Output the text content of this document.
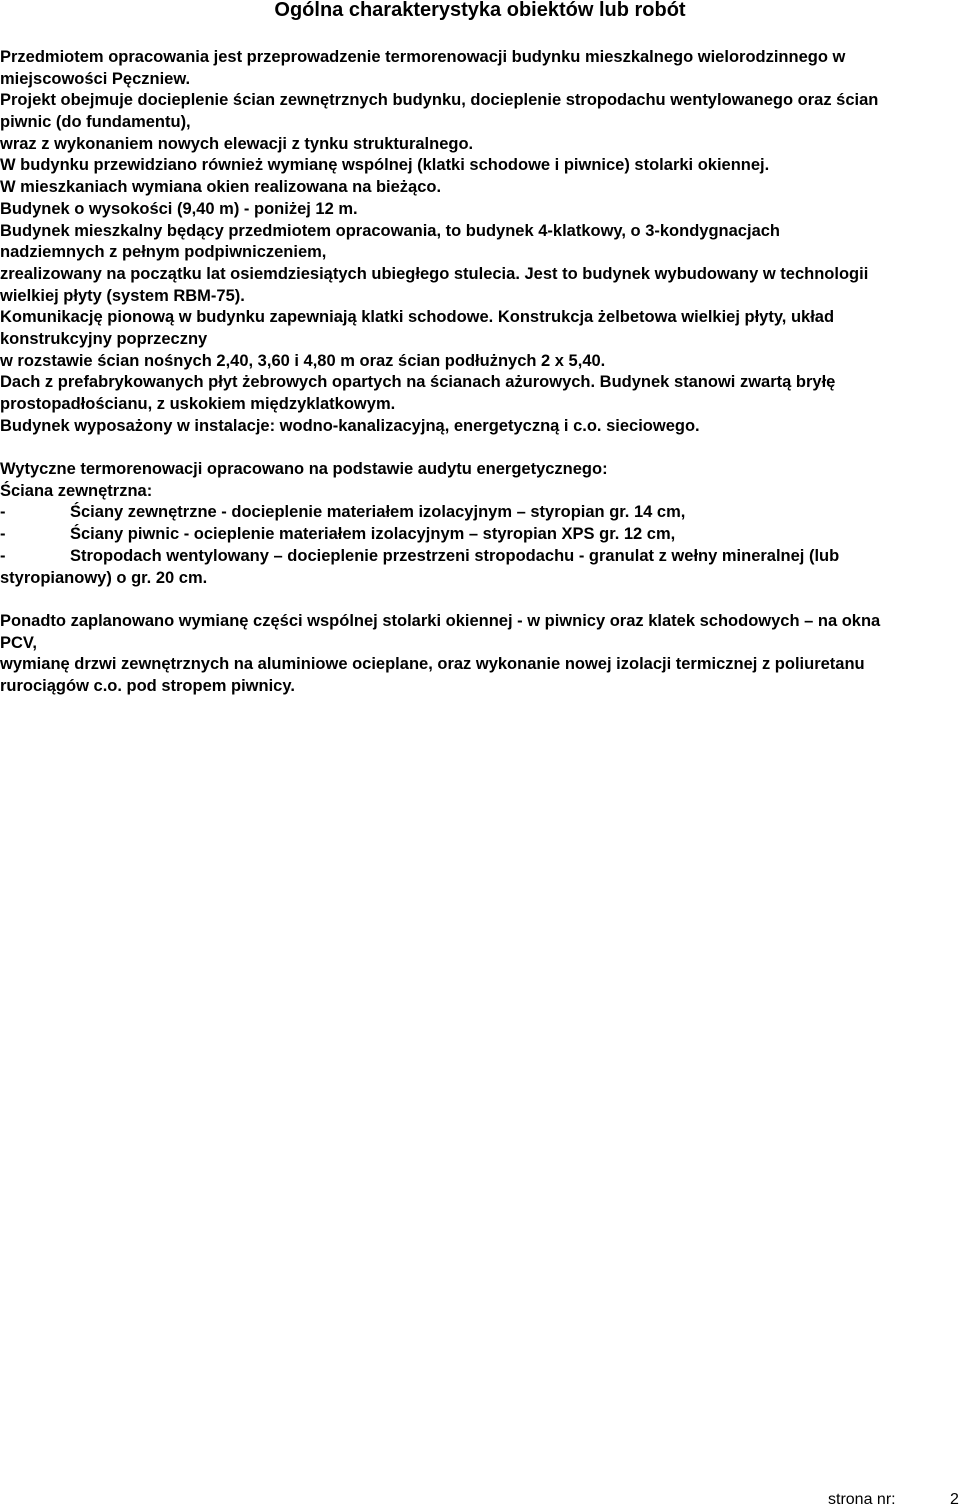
Ogólna charakterystyka obiektów lub robót
Przedmiotem opracowania jest przeprowadzenie termorenowacji budynku mieszkalnego wielorodzinnego w
miejscowości Pęczniew.
Projekt obejmuje docieplenie ścian zewnętrznych budynku, docieplenie stropodachu wentylowanego oraz ścian
piwnic (do fundamentu),
wraz z wykonaniem nowych elewacji z tynku strukturalnego.
W budynku przewidziano również wymianę wspólnej (klatki schodowe i piwnice) stolarki okiennej.
W mieszkaniach wymiana okien realizowana na bieżąco.
Budynek o wysokości (9,40 m) - poniżej 12 m.
Budynek mieszkalny będący przedmiotem opracowania, to budynek 4-klatkowy, o 3-kondygnacjach
nadziemnych z pełnym podpiwniczeniem,
zrealizowany na początku lat osiemdziesiątych ubiegłego stulecia. Jest to budynek wybudowany w technologii
wielkiej płyty (system RBM-75).
Komunikację pionową w budynku zapewniają klatki schodowe. Konstrukcja żelbetowa wielkiej płyty, układ
konstrukcyjny poprzeczny
w rozstawie ścian nośnych 2,40, 3,60 i 4,80 m oraz ścian podłużnych 2 x 5,40.
Dach z prefabrykowanych płyt żebrowych opartych na ścianach ażurowych. Budynek stanowi zwartą bryłę
prostopadłościanu, z uskokiem międzyklatkowym.
Budynek wyposażony w instalacje: wodno-kanalizacyjną, energetyczną i c.o. sieciowego.
Wytyczne termorenowacji opracowano na podstawie audytu energetycznego:
Ściana zewnętrzna:
-	Ściany zewnętrzne - docieplenie materiałem izolacyjnym – styropian gr. 14 cm,
-	Ściany piwnic - ocieplenie materiałem izolacyjnym – styropian XPS gr. 12 cm,
-	Stropodach wentylowany – docieplenie przestrzeni stropodachu - granulat z wełny mineralnej (lub
styropianowy) o gr. 20 cm.
Ponadto zaplanowano wymianę części wspólnej stolarki okiennej - w piwnicy oraz klatek schodowych – na okna
PCV,
wymianę drzwi zewnętrznych na aluminiowe ocieplane, oraz wykonanie nowej izolacji termicznej z poliuretanu
rurociągów c.o. pod stropem piwnicy.
strona nr:	2
